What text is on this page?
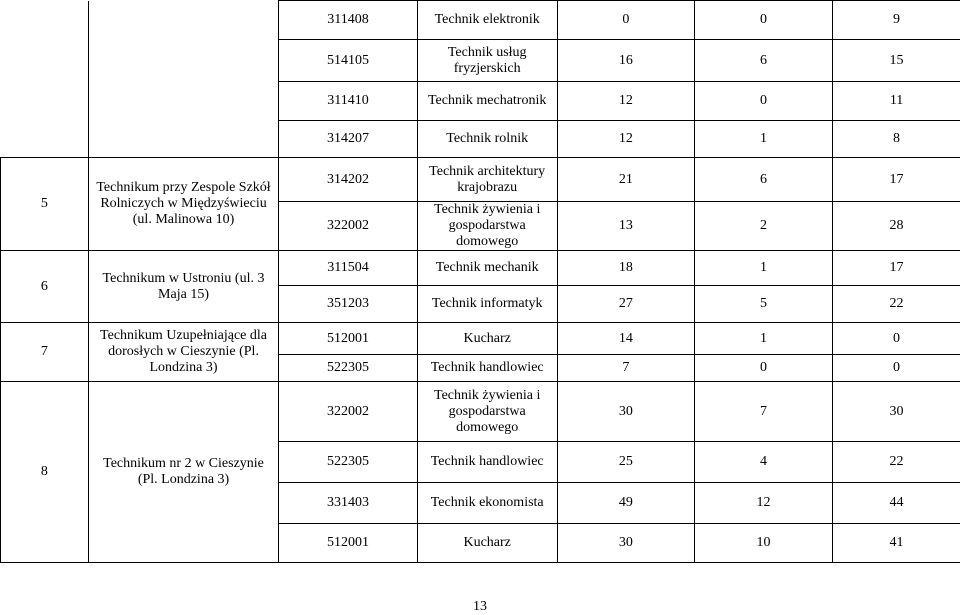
		311408	Technik elektronik	0	0	9
		514105	Technik usług fryzjerskich	16	6	15
		311410	Technik mechatronik	12	0	11
		314207	Technik rolnik	12	1	8
5	Technikum przy Zespole Szkół Rolniczych w Międzyświeciu (ul. Malinowa 10)	314202	Technik architektury krajobrazu	21	6	17
		322002	Technik żywienia i gospodarstwa domowego	13	2	28
6	Technikum w Ustroniu (ul. 3 Maja 15)	311504	Technik mechanik	18	1	17
		351203	Technik informatyk	27	5	22
7	Technikum Uzupełniające dla dorosłych w Cieszynie (Pl. Londzina 3)	512001	Kucharz	14	1	0
		522305	Technik handlowiec	7	0	0
8	Technikum nr 2 w Cieszynie (Pl. Londzina 3)	322002	Technik żywienia i gospodarstwa domowego	30	7	30
		522305	Technik handlowiec	25	4	22
		331403	Technik ekonomista	49	12	44
		512001	Kucharz	30	10	41
13
